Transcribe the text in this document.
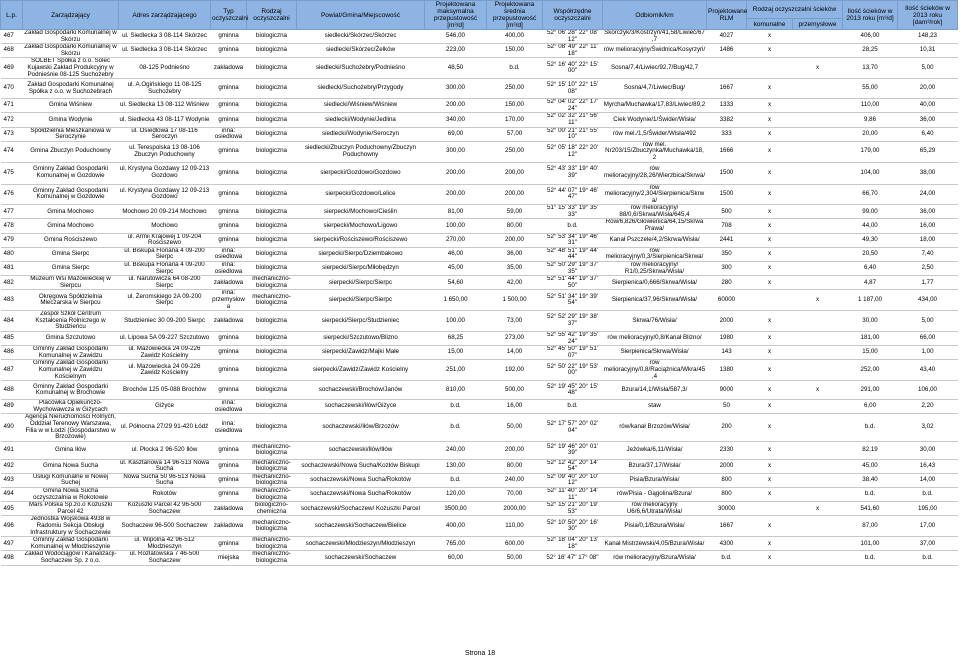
L.p.	Zarządzający	Adres zarządzającego	Typ oczyszczalni	Rodzaj oczyszczalni	Powiat/Gmina/Miejscowość	Projektowana maksymalna przepustowość [m³/d]	Projektowana średnia przepustowość [m³/d]	Współrzędne oczyszczalni	Odbiornik/km	Projektowane RLM	Rodzaj oczyszczalni ścieków		Ilość ścieków w 2013 roku [m³/d]	Ilość ścieków w 2013 roku [dam³/rok]
											komunalne	przemysłowe		
467	Zakład Gospodarki Komunalnej w Skórzu	ul. Siedlecka 3 08-114 Skórzec	gminna	biologiczna	siedlecki/Skórzec/Skórzec	546,00	400,00	52° 06' 28'' 22° 08' 12''	Skórczyk/3/Kostrzyń/41,58/Liwiec/67,7	4027	x		406,00	148,23
468	Zakład Gospodarki Komunalnej w Skórzu	ul. Siedlecka 3 08-114 Skórzec	gminna	biologiczna	siedlecki/Skórzec/Żelków	223,00	150,00	52° 08' 49'' 22° 11' 18''	rów melioracyjny/Świdnica/Kosyrzyń/	1486	x		28,25	10,31
469	SOLBET Spółka z o.o. Solec Kujawski Zakład Produkcyjny w Podnieśnie 08-125 Suchożebry	08-125 Podnieśno	zakładowa	biologiczna	siedlecki/Suchożebry/Podnieśno	48,50	b.d.	52° 16' 40'' 22° 15' 00''	Sosna/7,4/Liwiec/92,7/Bug/42,7			x	13,70	5,00
470	Zakład Gospodarki Komunalnej Spółka z o.o. w Suchożebrach	ul. A.Ogińskiego 11 08-125 Suchożebry	gminna	biologiczna	siedlecki/Suchożebry/Przygody	300,00	250,00	52° 15' 10'' 22° 15' 08''	Sosna/4,7/Liwiec/Bug/	1667	x		55,00	20,00
471	Gmina Wiśniew	ul. Siedlecka 13 08-112 Wiśniew	gminna	biologiczna	siedlecki/Wiśniew/Wiśniew	200,00	150,00	52° 04' 02'' 22° 17' 24''	Myrcha/Muchawka/17,83/Liwiec/89,2	1333	x		110,00	40,00
472	Gmina Wodynie	ul. Siedlecka 43 08-117 Wodynie	gminna	biologiczna	siedlecki/Wodynie/Jedlina	340,00	170,00	52° 02' 32'' 21° 56' 11''	Ciek Wodynie/1/Świder/Wisła/	3382	x		9,86	36,00
473	Spółdzielnia Mieszkaniowa w Seroczynie	ul. Osiedlowa 17 08-116 Seroczyn	inna: osiedlowa	biologiczna	siedlecki/Wodynie/Seroczyn	69,00	57,00	52° 00' 21'' 21° 55' 10''	rów mel./1,5/Świder/Wisła/492	333	x		20,00	6,40
474	Gmina Zbuczyn Poduchowny	ul. Terespolska 13 08-106 Zbuczyn Poduchowny	gminna	biologiczna	siedlecki/Zbuczyn Poduchowny/Zbuczyn Poduchowny	300,00	250,00	52° 05' 18'' 22° 20' 12''	rów mel. Nr203/15/Zbuczynka/Muchawka/18,2	1666	x		179,00	65,29
475	Gminny Zakład Gospodarki Komunalnej w Gozdowie	ul. Krystyna Gozdawy 12 09-213 Gozdowo	gminna	biologiczna	sierpecki/Gozdowo/Gozdowo	200,00	200,00	52° 43' 33'' 19° 40' 39''	rów melioracyjny/28,26/Wierzbica/Skrwa/	1500	x		104,00	38,00
476	Gminny Zakład Gospodarki Komunalnej w Gozdowie	ul. Krystyna Gozdawy 12 09-213 Gozdowo	gminna	biologiczna	sierpecki/Gozdowo/Lelice	200,00	200,00	52° 44' 07'' 19° 46' 47''	rów melioracyjny/2,304/Sierpienica/Skrwa/	1500	x		66,70	24,00
477	Gmina Mochowo	Mochowo 20 09-214 Mochowo	gminna	biologiczna	sierpecki/Mochowo/Cieślin	81,00	59,00	51° 15' 33'' 19° 35' 33''	rów melioracyjny/ 88/0,6/Skrwa/Wisła/645,4	500	x		99,00	36,00
478	Gmina Mochowo	Mochowo	gminna	biologiczna	sierpecki/Mochowo/Ligowo	100,00	80,00	b.d.	Rów/6,826/Głowienica/64,15/Skrwa Prawa/	708	x		44,00	16,00
479	Gmina Rościszewo	ul. Armii Krajowej 1 09-204 Rościszewo	gminna	biologiczna	sierpecki/Rościszewo/Rościszewo	270,00	200,00	52° 53' 34'' 19° 46' 31''	Kanał Pszczele/4,2/Skrwa/Wisła/	2441	x		49,30	18,00
480	Gmina Sierpc	ul. Biskupa Floriana 4 09-200 Sierpc	inna: osiedlowa	biologiczna	sierpecki/Sierpc/Dziembakowo	46,00	36,00	52° 48' 51'' 19° 44' 44''	rów melioracyjny/0,3/Sierpienica/Skrwa/	350	x		20,50	7,40
481	Gmina Sierpc	ul. Biskupa Floriana 4 09-200 Sierpc	inna: osiedlowa	biologiczna	sierpecki/Sierpc/Miłobędzyn	45,00	35,00	52° 50' 29'' 19° 37' 35''	rów melioracyjny/ R1/0,25/Skrwa/Wisła/	300	x		6,40	2,50
482	Muzeum Wsi Mazowieckiej w Sierpcu	ul. Narutowicza 64 08-200 Sierpc	zakładowa	mechaniczno-biologiczna	sierpecki/Sierpc/Sierpc	54,60	42,00	52° 51' 44'' 19° 37' 50''	Sierpienica/0,666/Skrwa/Wisła/	280	x		4,87	1,77
483	Okręgowa Spółdzielnia Mleczarska w Sierpcu	ul. Żeromskiego 2A 09-200 Sierpc	inna: przemysłowa	mechaniczno-biologiczna	sierpecki/Sierpc/Sierpc	1 650,00	1 500,00	52° 51' 34'' 19° 39' 54''	Sierpienica/37,96/Skrwa/Wisła/	60000		x	1 187,00	434,00
484	Zespół Szkół Centrum Kształcenia Rolniczego w Studzieńcu	Studzieniec 30 09-200 Sierpc	zakładowa	biologiczna	sierpecki/Sierpc/Studzieniec	100,00	73,00	52° 52' 29'' 19° 38' 37''	Skrwa/76/Wisła/	2000	x		30,00	5,00
485	Gmina Szczutowo	ul. Lipowa 5A 09-227 Szczutowo	gminna	biologiczna	sierpecki/Szczutowo/Blizno	68,25	273,00	52° 55' 42'' 19° 35' 24''	rów melioracyjny/0,8/Kanał Blizno/	1980	x		181,00	66,00
486	Gminny Zakład Gospodarki Komunalnej w Zawidzu	ul. Mazowiecka 24 09-226 Zawidz Kościelny	gminna	biologiczna	sierpecki/Zawidz/Majki Małe	15,00	14,00	52° 45' 50'' 19° 51' 07''	Sierpienica/Skrwa/Wisła/	143	x		15,00	1,00
487	Gminny Zakład Gospodarki Komunalnej w Zawidzu Kościelnym	ul. Mazowiecka 24 09-226 Zawidz Kościelny	gminna	biologiczna	sierpecki/Zawidz/Zawidz Kościelny	251,00	192,00	52° 50' 22'' 19° 53' 00''	rów melioracyjny/0,8/Raciążnica/Wkra/45,4	1380	x		252,00	43,40
488	Gminny Zakład Gospodarki Komunalnej w Brochowie	Brochów 125 05-088 Brochów	gminna	biologiczna	sochaczewski/Brochów/Janów	810,00	500,00	52° 19' 45'' 20° 15' 48''	Bzura/14,1/Wisła/587,3/	9000	x	x	291,00	106,00
489	Placówka Opiekuńczo- Wychowawcza w Giżycach	Giżyce	inna: osiedlowa	biologiczna	sochaczewski/Iłów/Giżyce	b.d.	16,00	b.d.	staw	50	x		6,00	2,20
490	Agencja Nieruchomości Rolnych, Oddział Terenowy Warszawa, Filia w w Łodzi (Gospodarstwo w Brzozowie)	ul. Północna 27/29 91-420 Łódź	inna: osiedlowa	biologiczna	sochaczewski/Iłów/Brzozów	b.d.	50,00	52° 17' 57'' 20° 02' 04''	rów/kanał Brzozów/Wisła/	200	x		b.d.	3,02
491	Gmina Iłów	ul. Płocka 2 96-520 Iłów	gminna	mechaniczno-biologiczna	sochaczewski/Iłów/Iłów	240,00	200,00	52° 19' 46'' 20° 01' 39''	Jeżówka/6,11/Wisła/	2330	x		82,19	30,00
492	Gmina Nowa Sucha	ul. Kasztanowa 14 96-513 Nowa Sucha	gminna	mechaniczno-biologiczna	sochaczewski/Nowa Sucha/Kozłów Biskupi	130,00	80,00	52° 12' 42'' 20° 14' 54''	Bzura/37,17/Wisła/	2000	x		45,00	16,43
493	Usługi Komunalne w Nowej Suchej	Nowa Sucha 50 96-513 Nowa Sucha	gminna	mechaniczno-biologiczna	sochaczewski/Nowa Sucha/Rokotów	b.d.	240,00	52° 09' 40'' 20° 10' 12''	Pisia/Bzura/Wisła/	800	x		38,40	14,00
494	Gmina Nowa Sucha oczyszczalnia w Rokotowie	Rokotów	gminna	mechaniczno-biologiczna	sochaczewski/Nowa Sucha/Rokotów	120,00	70,00	52° 11' 40'' 20° 14' 11''	rów/Pisia - Gągolina/Bzura/	800	x		b.d.	b.d.
495	Mars Polska Sp.zo.o Kożuszki Parcel 42	Kożuszki Parcel 42 96-500 Sochaczew	zakładowa	biologiczno-chemiczna	sochaczewski/Sochaczew/ Kożuszki Parcel	3500,00	2000,00	52° 15' 21'' 20° 19' 53''	rów melioracyjny U6/6,6/Utrata/Wisła/	30000		x	541,60	195,00
496	Jednostka Wojskowa 4938 w Radomiu Sekcja Obsługi Infrastruktury w Sochaczewie	Sochaczew 96-500 Sochaczew	zakładowa	mechaniczno-biologiczna	sochaczewski/Sochaczew/Bielice	400,00	110,00	52° 10' 50'' 20° 16' 30''	Pisia/0,1/Bzura/Wisła/	1667	x		87,00	17,00
497	Gminny Zakład Gospodarki Komunalnej w Młodzieszynie	ul. Wipolna 42 96-512 Młodzieszyn	gminna	mechaniczno-biologiczna	sochaczewski/Młodzieszyn/Młodzieszyn	765,00	600,00	52° 18' 04'' 20° 13' 18''	Kanał Mistrzewski/4,05/Bzura/Wisła/	4300	x		101,00	37,00
498	Zakład Wodociągów i Kanalizacji-Sochaczew Sp. z o.o.	ul. Rozlatowska 7 46-500 Sochaczew	miejska	mechaniczno-biologiczna	sochaczewski/Sochaczew	60,00	50,00	52° 16' 47'' 17° 08''	rów melioracyjny/Bzura/Wisła/	b.d.	x		b.d.	b.d.
Strona 18
